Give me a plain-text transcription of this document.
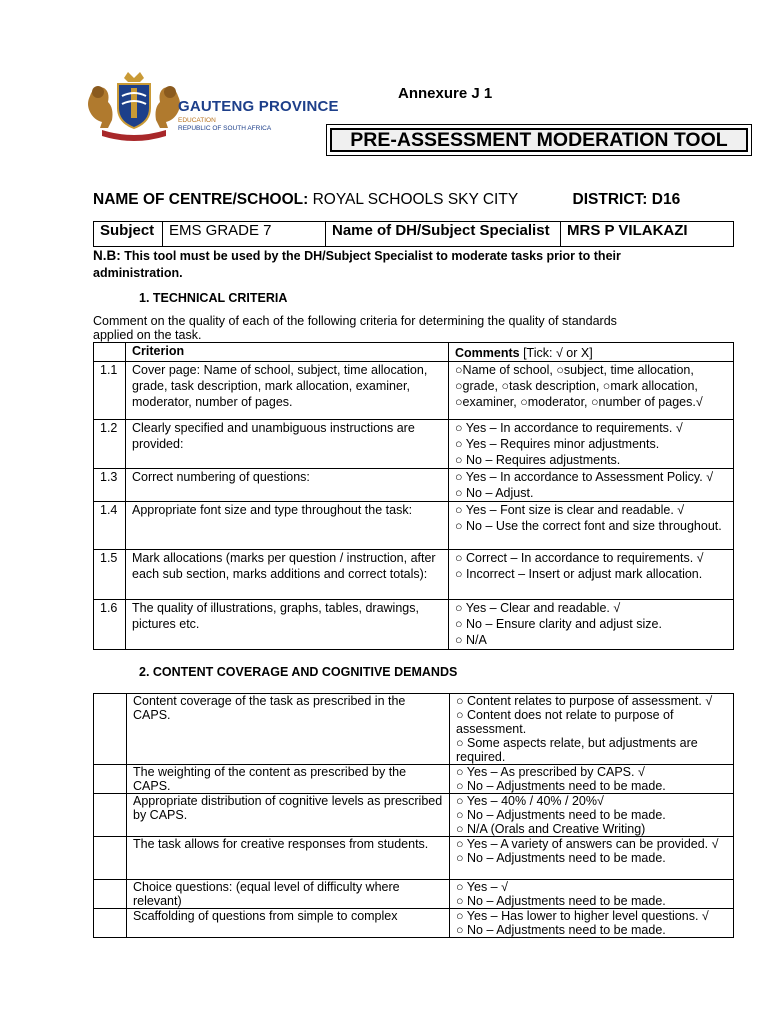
GAUTENG PROVINCE
EDUCATION
REPUBLIC OF SOUTH AFRICA
Annexure J 1
PRE-ASSESSMENT MODERATION TOOL
NAME OF CENTRE/SCHOOL: ROYAL SCHOOLS SKY CITY	DISTRICT: D16
Subject	EMS GRADE 7	Name of DH/Subject Specialist	MRS P VILAKAZI
N.B: This tool must be used by the DH/Subject Specialist to moderate tasks prior to their administration.
1. TECHNICAL CRITERIA
Comment on the quality of each of the following criteria for determining the quality of standards applied on the task.
	Criterion	Comments [Tick: √ or X]
1.1	Cover page: Name of school, subject, time allocation, grade, task description, mark allocation, examiner, moderator, number of pages.	○Name of school, ○subject, time allocation,
○grade, ○task description, ○mark allocation,
○examiner, ○moderator, ○number of pages.√

1.2	Clearly specified and unambiguous instructions are provided:	○ Yes – In accordance to requirements. √
○ Yes – Requires minor adjustments.
○ No – Requires adjustments.

1.3	Correct numbering of questions:	○ Yes – In accordance to Assessment Policy. √
○ No – Adjust.

1.4	Appropriate font size and type throughout the task:	○ Yes – Font size is clear and readable. √
○ No – Use the correct font and size throughout.

1.5	Mark allocations (marks per question / instruction, after each sub section, marks additions and correct totals):	○ Correct – In accordance to requirements. √
○ Incorrect – Insert or adjust mark allocation.

1.6	The quality of illustrations, graphs, tables, drawings, pictures etc.	○ Yes – Clear and readable. √
○ No – Ensure clarity and adjust size.
○ N/A
2. CONTENT COVERAGE AND COGNITIVE DEMANDS
	Content coverage of the task as prescribed in the CAPS.	○ Content relates to purpose of assessment. √
○ Content does not relate to purpose of assessment.
○ Some aspects relate, but adjustments are required.

	The weighting of the content as prescribed by the CAPS.	○ Yes – As prescribed by CAPS. √
○ No – Adjustments need to be made.

	Appropriate distribution of cognitive levels as prescribed by CAPS.	○ Yes – 40% / 40% / 20%√
○ No – Adjustments need to be made.
○ N/A (Orals and Creative Writing)

	The task allows for creative responses from students.	○ Yes – A variety of answers can be provided. √
○ No – Adjustments need to be made.

	Choice questions: (equal level of difficulty where relevant)	○ Yes – √
○ No – Adjustments need to be made.

	Scaffolding of questions from simple to complex	○ Yes – Has lower to higher level questions. √
○ No – Adjustments need to be made.
